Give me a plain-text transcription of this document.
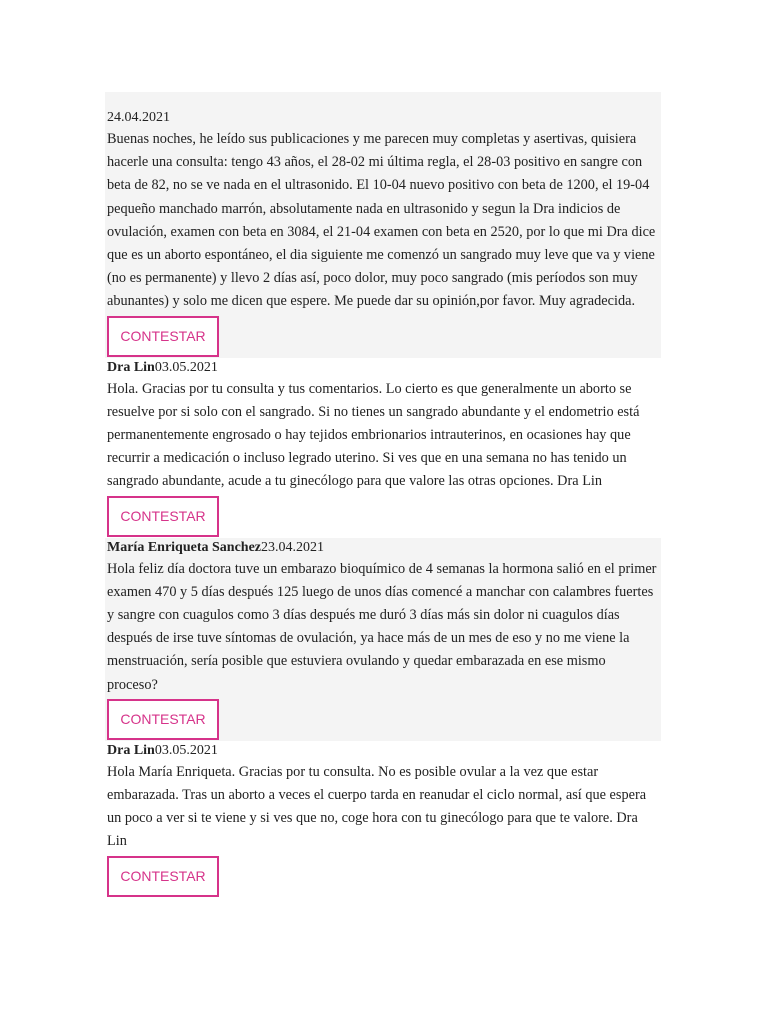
24.04.2021

Buenas noches, he leído sus publicaciones y me parecen muy completas y asertivas, quisiera hacerle una consulta: tengo 43 años, el 28-02 mi última regla, el 28-03 positivo en sangre con beta de 82, no se ve nada en el ultrasonido. El 10-04 nuevo positivo con beta de 1200, el 19-04 pequeño manchado marrón, absolutamente nada en ultrasonido y segun la Dra indicios de ovulación, examen con beta en 3084, el 21-04 examen con beta en 2520, por lo que mi Dra dice que es un aborto espontáneo, el dia siguiente me comenzó un sangrado muy leve que va y viene (no es permanente) y llevo 2 días así, poco dolor, muy poco sangrado (mis períodos son muy abunantes) y solo me dicen que espere. Me puede dar su opinión,por favor. Muy agradecida.

CONTESTAR
Dra Lin03.05.2021

Hola. Gracias por tu consulta y tus comentarios. Lo cierto es que generalmente un aborto se resuelve por si solo con el sangrado. Si no tienes un sangrado abundante y el endometrio está permanentemente engrosado o hay tejidos embrionarios intrauterinos, en ocasiones hay que recurrir a medicación o incluso legrado uterino. Si ves que en una semana no has tenido un sangrado abundante, acude a tu ginecólogo para que valore las otras opciones. Dra Lin

CONTESTAR
María Enriqueta Sanchez23.04.2021

Hola feliz día doctora tuve un embarazo bioquímico de 4 semanas la hormona salió en el primer examen 470 y 5 días después 125 luego de unos días comencé a manchar con calambres fuertes y sangre con cuagulos como 3 días después me duró 3 días más sin dolor ni cuagulos días después de irse tuve síntomas de ovulación, ya hace más de un mes de eso y no me viene la menstruación, sería posible que estuviera ovulando y quedar embarazada en ese mismo proceso?

CONTESTAR
Dra Lin03.05.2021

Hola María Enriqueta. Gracias por tu consulta. No es posible ovular a la vez que estar embarazada. Tras un aborto a veces el cuerpo tarda en reanudar el ciclo normal, así que espera un poco a ver si te viene y si ves que no, coge hora con tu ginecólogo para que te valore. Dra Lin

CONTESTAR
